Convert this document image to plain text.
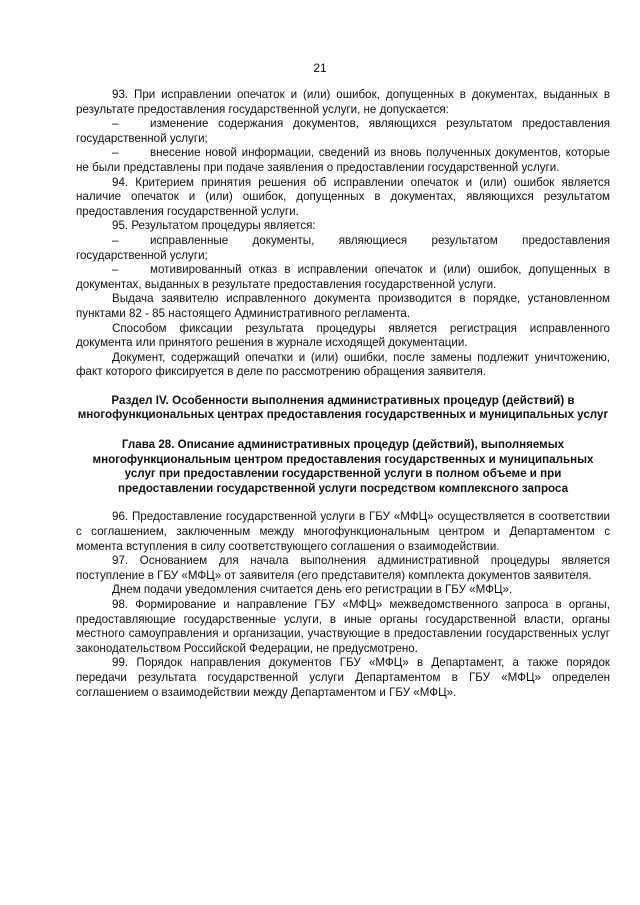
21

93. При исправлении опечаток и (или) ошибок, допущенных в документах, выданных в результате предоставления государственной услуги, не допускается:

–	изменение содержания документов, являющихся результатом предоставления государственной услуги;

–	внесение новой информации, сведений из вновь полученных документов, которые не были представлены при подаче заявления о предоставлении государственной услуги.

94. Критерием принятия решения об исправлении опечаток и (или) ошибок является наличие опечаток и (или) ошибок, допущенных в документах, являющихся результатом предоставления государственной услуги.

95. Результатом процедуры является:

–	исправленные документы, являющиеся результатом предоставления государственной услуги;

–	мотивированный отказ в исправлении опечаток и (или) ошибок, допущенных в документах, выданных в результате предоставления государственной услуги.

Выдача заявителю исправленного документа производится в порядке, установленном пунктами 82 - 85 настоящего Административного регламента.

Способом фиксации результата процедуры является регистрация исправленного документа или принятого решения в журнале исходящей документации.

Документ, содержащий опечатки и (или) ошибки, после замены подлежит уничтожению, факт которого фиксируется в деле по рассмотрению обращения заявителя.

Раздел IV. Особенности выполнения административных процедур (действий) в многофункциональных центрах предоставления государственных и муниципальных услуг

Глава 28. Описание административных процедур (действий), выполняемых многофункциональным центром предоставления государственных и муниципальных услуг при предоставлении государственной услуги в полном объеме и при предоставлении государственной услуги посредством комплексного запроса

96. Предоставление государственной услуги в ГБУ «МФЦ» осуществляется в соответствии с соглашением, заключенным между многофункциональным центром и Департаментом с момента вступления в силу соответствующего соглашения о взаимодействии.

97. Основанием для начала выполнения административной процедуры является поступление в ГБУ «МФЦ» от заявителя (его представителя) комплекта документов заявителя.

Днем подачи уведомления считается день его регистрации в ГБУ «МФЦ».

98. Формирование и направление ГБУ «МФЦ» межведомственного запроса в органы, предоставляющие государственные услуги, в иные органы государственной власти, органы местного самоуправления и организации, участвующие в предоставлении государственных услуг законодательством Российской Федерации, не предусмотрено.

99. Порядок направления документов ГБУ «МФЦ» в Департамент, а также порядок передачи результата государственной услуги Департаментом в ГБУ «МФЦ» определен соглашением о взаимодействии между Департаментом и ГБУ «МФЦ».
